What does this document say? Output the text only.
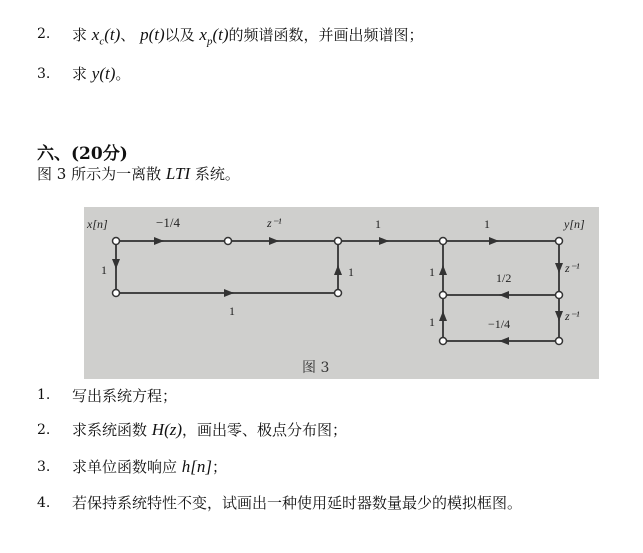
2. 求 $x_c(t)$、 p(t)以及 $x_p(t)$的频谱函数，并画出频谱图；
3. 求 y(t)。
六、(20分)
图 3 所示为一离散 LTI 系统。
x[n]	y[n]
−1/4	z⁻¹	1	1
1
1
1	1	1/2
z⁻¹
1	−1/4
z⁻¹
图 3
1. 写出系统方程；
2. 求系统函数 H(z)，画出零、极点分布图；
3. 求单位函数响应 h[n]；
4. 若保持系统特性不变，试画出一种使用延时器数量最少的模拟框图。
